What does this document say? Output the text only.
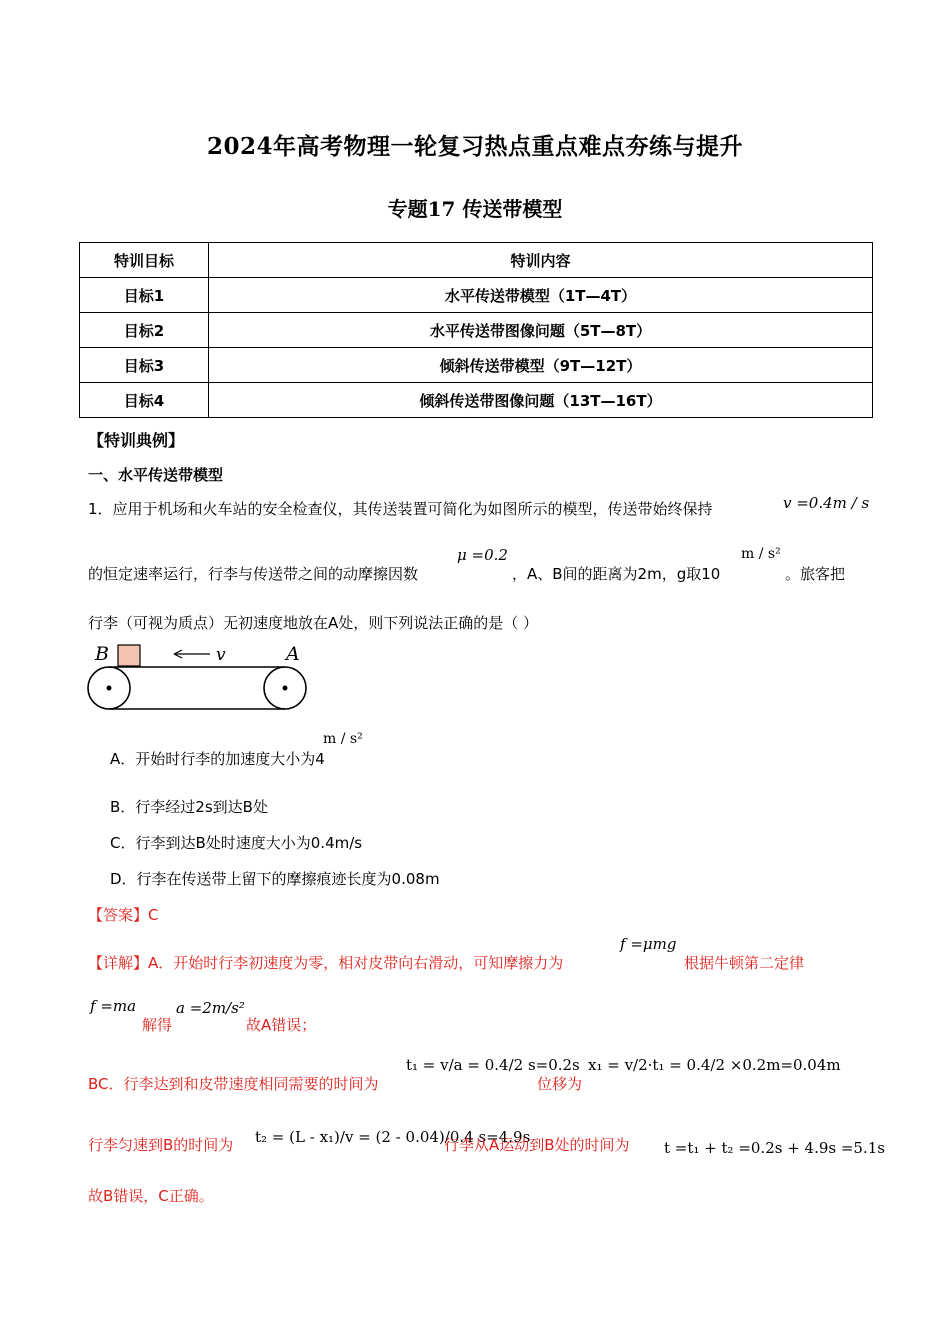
2024年高考物理一轮复习热点重点难点夯练与提升
专题17 传送带模型
特训目标	特训内容
目标1	水平传送带模型（1T—4T）
目标2	水平传送带图像问题（5T—8T）
目标3	倾斜传送带模型（9T—12T）
目标4	倾斜传送带图像问题（13T—16T）
【特训典例】
一、水平传送带模型
1．应用于机场和火车站的安全检查仪，其传送装置可简化为如图所示的模型，传送带始终保持	v =0.4m / s
的恒定速率运行，行李与传送带之间的动摩擦因数
μ =0.2
，A、B间的距离为2m，g取10
m / s²
。旅客把
行李（可视为质点）无初速度地放在A处，则下列说法正确的是（ ）
B	A
v
A．开始时行李的加速度大小为4
m / s²
B．行李经过2s到达B处
C．行李到达B处时速度大小为0.4m/s
D．行李在传送带上留下的摩擦痕迹长度为0.08m
【答案】C
【详解】A．开始时行李初速度为零，相对皮带向右滑动，可知摩擦力为
f =μmg
根据牛顿第二定律
f =ma
解得
a =2m/s²
故A错误；
BC．行李达到和皮带速度相同需要的时间为
t₁ = v/a = 0.4/2 s=0.2s
位移为
x₁ = v/2·t₁ = 0.4/2 ×0.2m=0.04m
行李匀速到B的时间为 t₂ = (L - x₁)/v = (2 - 0.04)/0.4 s=4.9s
行李从A运动到B处的时间为 t =t₁ + t₂ =0.2s + 4.9s =5.1s
故B错误，C正确。
